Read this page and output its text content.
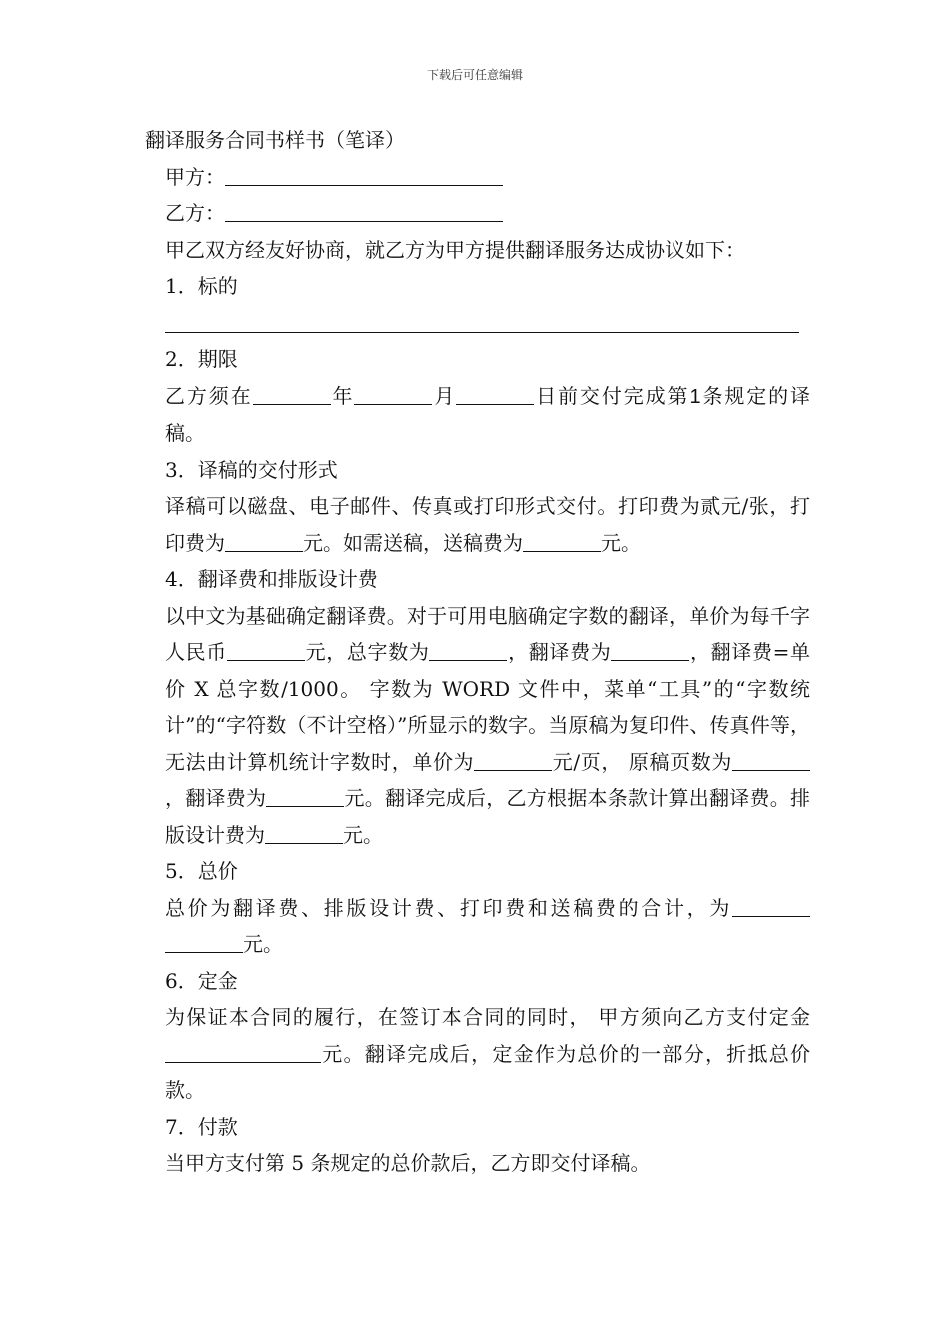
下载后可任意编辑

翻译服务合同书样书（笔译）

甲方：

乙方：

甲乙双方经友好协商，就乙方为甲方提供翻译服务达成协议如下：

1．标的

2．期限

乙方须在	年	月	日前交付完成第1条规定的译稿。

3．译稿的交付形式

译稿可以磁盘、电子邮件、传真或打印形式交付。打印费为贰元/张，打印费为	元。如需送稿，送稿费为	元。

4．翻译费和排版设计费

以中文为基础确定翻译费。对于可用电脑确定字数的翻译，单价为每千字人民币	元，总字数为	，翻译费为	，翻译费=单价 X 总字数/1000。 字数为 WORD 文件中，菜单“工具”的“字数统计”的“字符数（不计空格）”所显示的数字。当原稿为复印件、传真件等，无法由计算机统计字数时，单价为	元/页， 原稿页数为，翻译费为	元。翻译完成后，乙方根据本条款计算出翻译费。排版设计费为	元。

5．总价

总价为翻译费、排版设计费、打印费和送稿费的合计，为元。

6．定金

为保证本合同的履行，在签订本合同的同时， 甲方须向乙方支付定金元。翻译完成后，定金作为总价的一部分，折抵总价款。

7．付款

当甲方支付第 5 条规定的总价款后，乙方即交付译稿。
